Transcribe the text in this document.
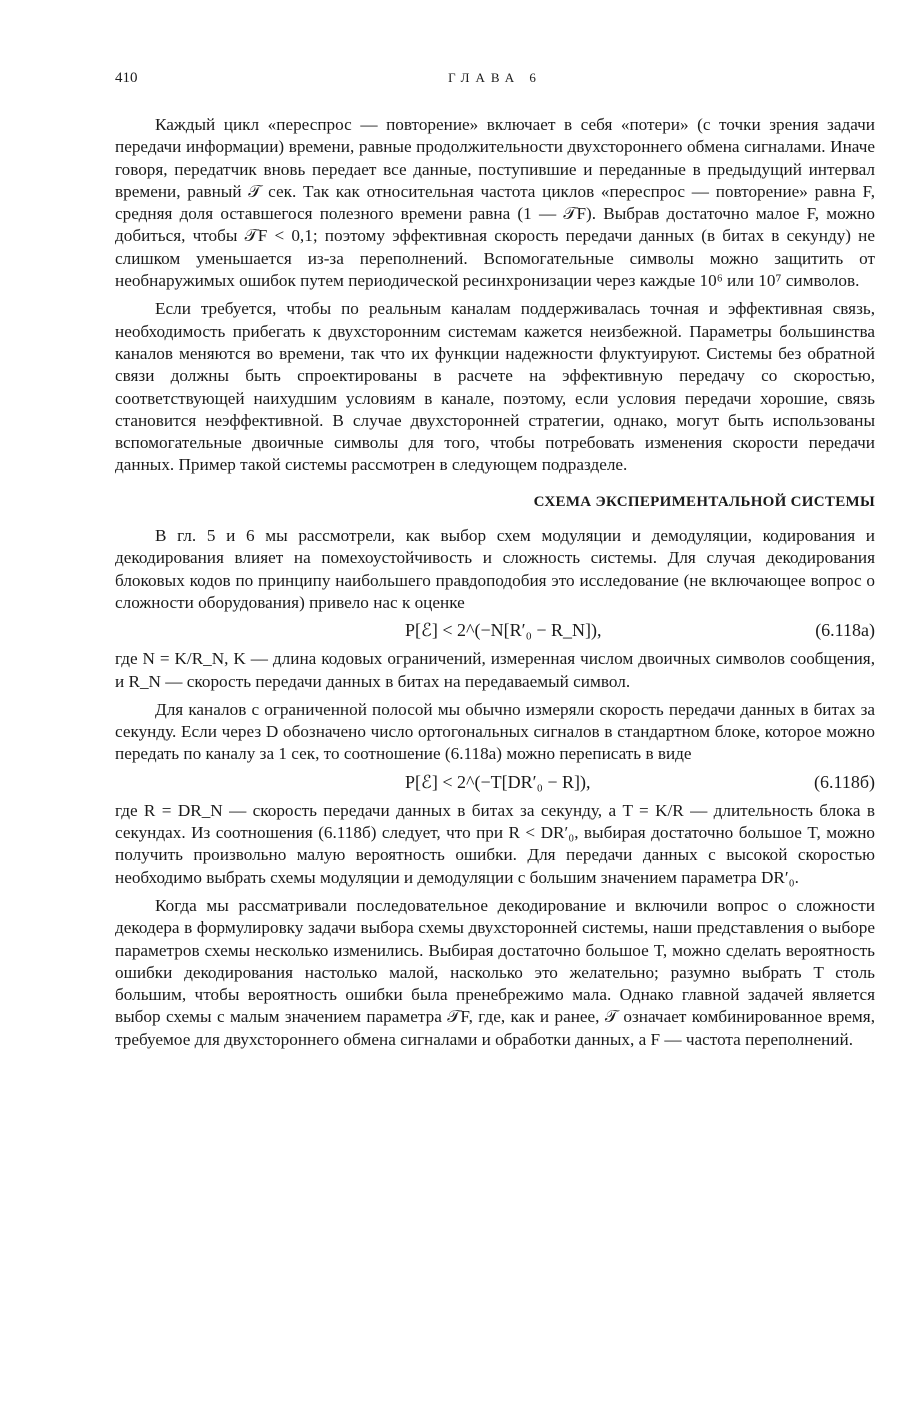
410	ГЛАВА 6

Каждый цикл «переспрос — повторение» включает в себя «потери» (с точки зрения задачи передачи информации) времени, равные продолжительности двухстороннего обмена сигналами. Иначе говоря, передатчик вновь передает все данные, поступившие и переданные в предыдущий интервал времени, равный 𝒯 сек. Так как относительная частота циклов «переспрос — повторение» равна F, средняя доля оставшегося полезного времени равна (1 — 𝒯F). Выбрав достаточно малое F, можно добиться, чтобы 𝒯F < 0,1; поэтому эффективная скорость передачи данных (в битах в секунду) не слишком уменьшается из-за переполнений. Вспомогательные символы можно защитить от необнаружимых ошибок путем периодической ресинхронизации через каждые 10⁶ или 10⁷ символов.

Если требуется, чтобы по реальным каналам поддерживалась точная и эффективная связь, необходимость прибегать к двухсторонним системам кажется неизбежной. Параметры большинства каналов меняются во времени, так что их функции надежности флуктуируют. Системы без обратной связи должны быть спроектированы в расчете на эффективную передачу со скоростью, соответствующей наихудшим условиям в канале, поэтому, если условия передачи хорошие, связь становится неэффективной. В случае двухсторонней стратегии, однако, могут быть использованы вспомогательные двоичные символы для того, чтобы потребовать изменения скорости передачи данных. Пример такой системы рассмотрен в следующем подразделе.

СХЕМА ЭКСПЕРИМЕНТАЛЬНОЙ СИСТЕМЫ

В гл. 5 и 6 мы рассмотрели, как выбор схем модуляции и демодуляции, кодирования и декодирования влияет на помехоустойчивость и сложность системы. Для случая декодирования блоковых кодов по принципу наибольшего правдоподобия это исследование (не включающее вопрос о сложности оборудования) привело нас к оценке

P[ℰ] < 2^(−N[R′₀ − R_N]),	(6.118а)

где N = K/R_N, K — длина кодовых ограничений, измеренная числом двоичных символов сообщения, и R_N — скорость передачи данных в битах на передаваемый символ.

Для каналов с ограниченной полосой мы обычно измеряли скорость передачи данных в битах за секунду. Если через D обозначено число ортогональных сигналов в стандартном блоке, которое можно передать по каналу за 1 сек, то соотношение (6.118а) можно переписать в виде

P[ℰ] < 2^(−T[DR′₀ − R]),	(6.118б)

где R = DR_N — скорость передачи данных в битах за секунду, а T = K/R — длительность блока в секундах. Из соотношения (6.118б) следует, что при R < DR′₀, выбирая достаточно большое T, можно получить произвольно малую вероятность ошибки. Для передачи данных с высокой скоростью необходимо выбрать схемы модуляции и демодуляции с большим значением параметра DR′₀.

Когда мы рассматривали последовательное декодирование и включили вопрос о сложности декодера в формулировку задачи выбора схемы двухсторонней системы, наши представления о выборе параметров схемы несколько изменились. Выбирая достаточно большое T, можно сделать вероятность ошибки декодирования настолько малой, насколько это желательно; разумно выбрать T столь большим, чтобы вероятность ошибки была пренебрежимо мала. Однако главной задачей является выбор схемы с малым значением параметра 𝒯F, где, как и ранее, 𝒯 означает комбинированное время, требуемое для двухстороннего обмена сигналами и обработки данных, а F — частота переполнений.
